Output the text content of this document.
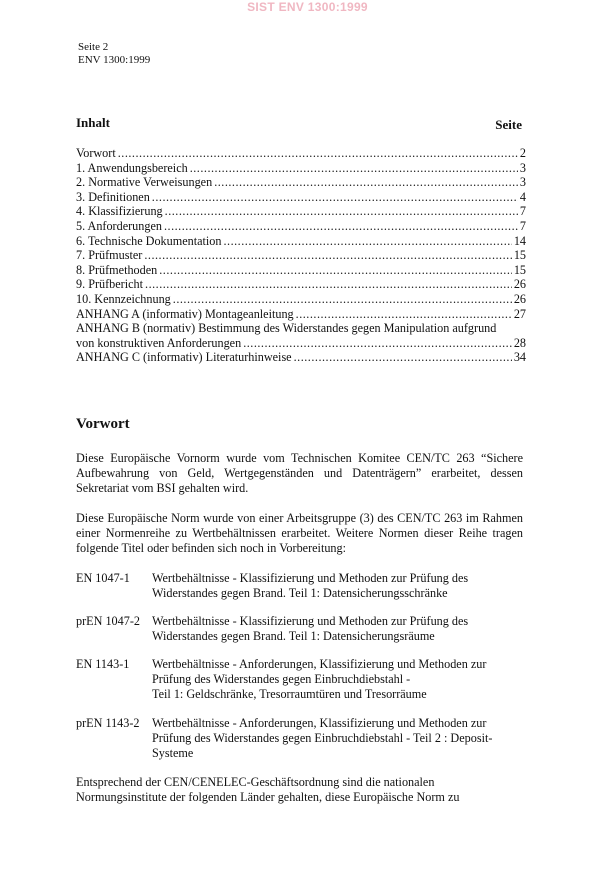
SIST ENV 1300:1999
Seite 2
ENV 1300:1999
Inhalt	Seite
Vorwort .....	2
1. Anwendungsbereich .....	3
2. Normative Verweisungen .....	3
3. Definitionen .....	4
4. Klassifizierung .....	7
5. Anforderungen .....	7
6. Technische Dokumentation .....	14
7. Prüfmuster .....	15
8. Prüfmethoden .....	15
9. Prüfbericht .....	26
10. Kennzeichnung .....	26
ANHANG A (informativ) Montageanleitung .....	27
ANHANG B (normativ) Bestimmung des Widerstandes gegen Manipulation aufgrund
von konstruktiven Anforderungen .....	28
ANHANG C (informativ) Literaturhinweise .....	34
Vorwort
Diese Europäische Vornorm wurde vom Technischen Komitee CEN/TC 263 “Sichere Aufbewahrung von Geld, Wertgegenständen und Datenträgern” erarbeitet, dessen Sekretariat vom BSI gehalten wird.
Diese Europäische Norm wurde von einer Arbeitsgruppe (3) des CEN/TC 263 im Rahmen einer Normenreihe zu Wertbehältnissen erarbeitet. Weitere Normen dieser Reihe tragen folgende Titel oder befinden sich noch in Vorbereitung:
EN 1047-1	Wertbehältnisse - Klassifizierung und Methoden zur Prüfung des
Widerstandes gegen Brand. Teil 1: Datensicherungsschränke
prEN 1047-2 Wertbehältnisse - Klassifizierung und Methoden zur Prüfung des
Widerstandes gegen Brand. Teil 1: Datensicherungsräume
EN 1143-1	Wertbehältnisse - Anforderungen, Klassifizierung und Methoden zur
Prüfung des Widerstandes gegen Einbruchdiebstahl -
Teil 1: Geldschränke, Tresorraumtüren und Tresorräume
prEN 1143-2	Wertbehältnisse - Anforderungen, Klassifizierung und Methoden zur
Prüfung des Widerstandes gegen Einbruchdiebstahl - Teil 2 : Deposit-
Systeme
Entsprechend der CEN/CENELEC-Geschäftsordnung sind die nationalen
Normungsinstitute der folgenden Länder gehalten, diese Europäische Norm zu
